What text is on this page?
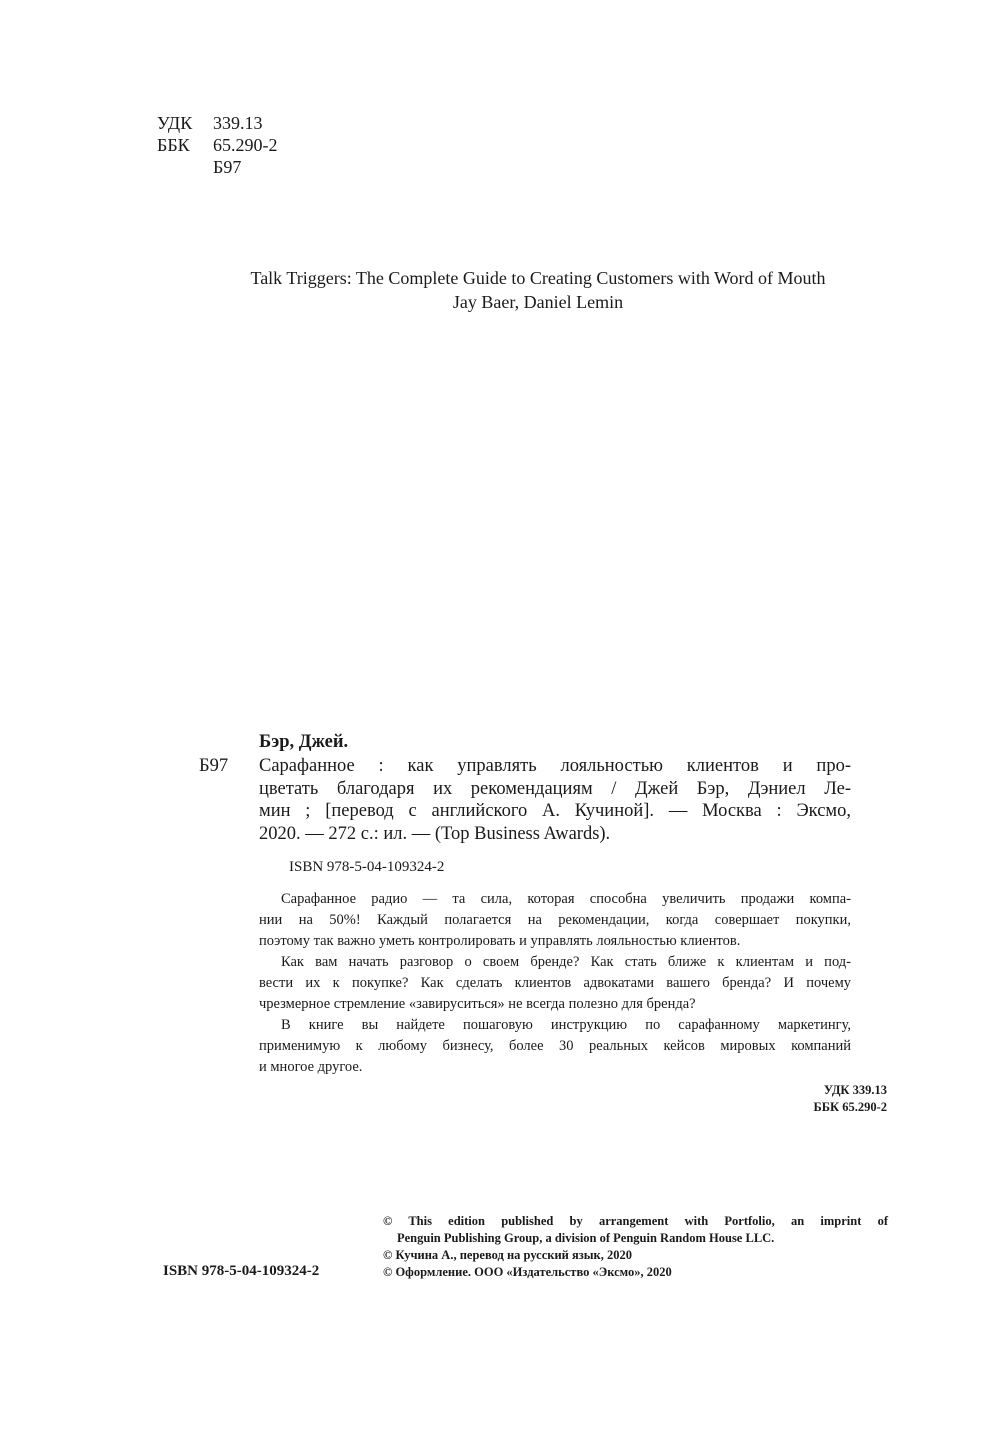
УДК 339.13
ББК 65.290-2
Б97
Talk Triggers: The Complete Guide to Creating Customers with Word of Mouth
Jay Baer, Daniel Lemin
Бэр, Джей.
Б97 Сарафанное : как управлять лояльностью клиентов и про-
цветать благодаря их рекомендациям / Джей Бэр, Дэниел Ле-
мин ; [перевод с английского А. Кучиной]. — Москва : Эксмо,
2020. — 272 с.: ил. — (Top Business Awards).
ISBN 978-5-04-109324-2
Сарафанное радио — та сила, которая способна увеличить продажи компа-
нии на 50%! Каждый полагается на рекомендации, когда совершает покупки,
поэтому так важно уметь контролировать и управлять лояльностью клиентов.
Как вам начать разговор о своем бренде? Как стать ближе к клиентам и под-
вести их к покупке? Как сделать клиентов адвокатами вашего бренда? И почему
чрезмерное стремление «завируситься» не всегда полезно для бренда?
В книге вы найдете пошаговую инструкцию по сарафанному маркетингу,
применимую к любому бизнесу, более 30 реальных кейсов мировых компаний
и многое другое.
УДК 339.13
ББК 65.290-2
© This edition published by arrangement with Portfolio, an imprint of
Penguin Publishing Group, a division of Penguin Random House LLC.
© Кучина А., перевод на русский язык, 2020
© Оформление. ООО «Издательство «Эксмо», 2020
ISBN 978-5-04-109324-2
